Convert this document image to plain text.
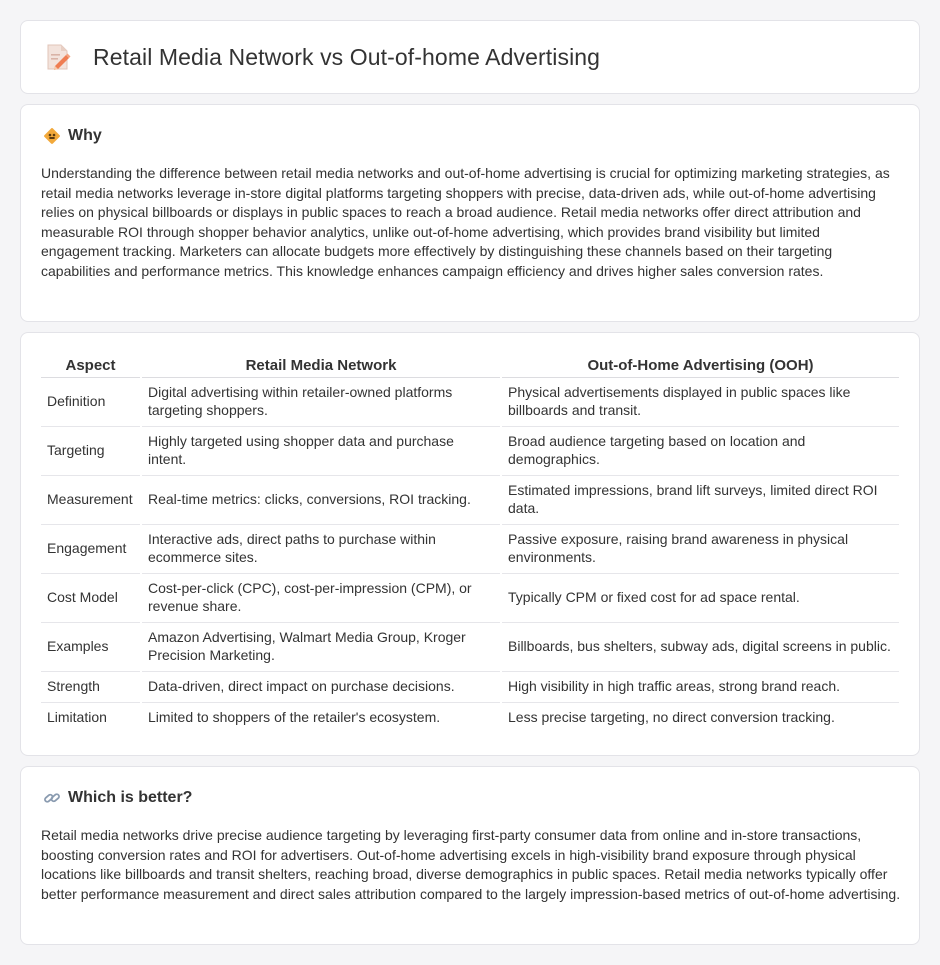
Retail Media Network vs Out-of-home Advertising
Why

Understanding the difference between retail media networks and out-of-home advertising is crucial for optimizing marketing strategies, as retail media networks leverage in-store digital platforms targeting shoppers with precise, data-driven ads, while out-of-home advertising relies on physical billboards or displays in public spaces to reach a broad audience. Retail media networks offer direct attribution and measurable ROI through shopper behavior analytics, unlike out-of-home advertising, which provides brand visibility but limited engagement tracking. Marketers can allocate budgets more effectively by distinguishing these channels based on their targeting capabilities and performance metrics. This knowledge enhances campaign efficiency and drives higher sales conversion rates.

Aspect	Retail Media Network	Out-of-Home Advertising (OOH)
Definition	Digital advertising within retailer-owned platforms targeting shoppers.	Physical advertisements displayed in public spaces like billboards and transit.
Targeting	Highly targeted using shopper data and purchase intent.	Broad audience targeting based on location and demographics.
Measurement	Real-time metrics: clicks, conversions, ROI tracking.	Estimated impressions, brand lift surveys, limited direct ROI data.
Engagement	Interactive ads, direct paths to purchase within ecommerce sites.	Passive exposure, raising brand awareness in physical environments.
Cost Model	Cost-per-click (CPC), cost-per-impression (CPM), or revenue share.	Typically CPM or fixed cost for ad space rental.
Examples	Amazon Advertising, Walmart Media Group, Kroger Precision Marketing.	Billboards, bus shelters, subway ads, digital screens in public.
Strength	Data-driven, direct impact on purchase decisions.	High visibility in high traffic areas, strong brand reach.
Limitation	Limited to shoppers of the retailer's ecosystem.	Less precise targeting, no direct conversion tracking.
Which is better?

Retail media networks drive precise audience targeting by leveraging first-party consumer data from online and in-store transactions, boosting conversion rates and ROI for advertisers. Out-of-home advertising excels in high-visibility brand exposure through physical locations like billboards and transit shelters, reaching broad, diverse demographics in public spaces. Retail media networks typically offer better performance measurement and direct sales attribution compared to the largely impression-based metrics of out-of-home advertising.
